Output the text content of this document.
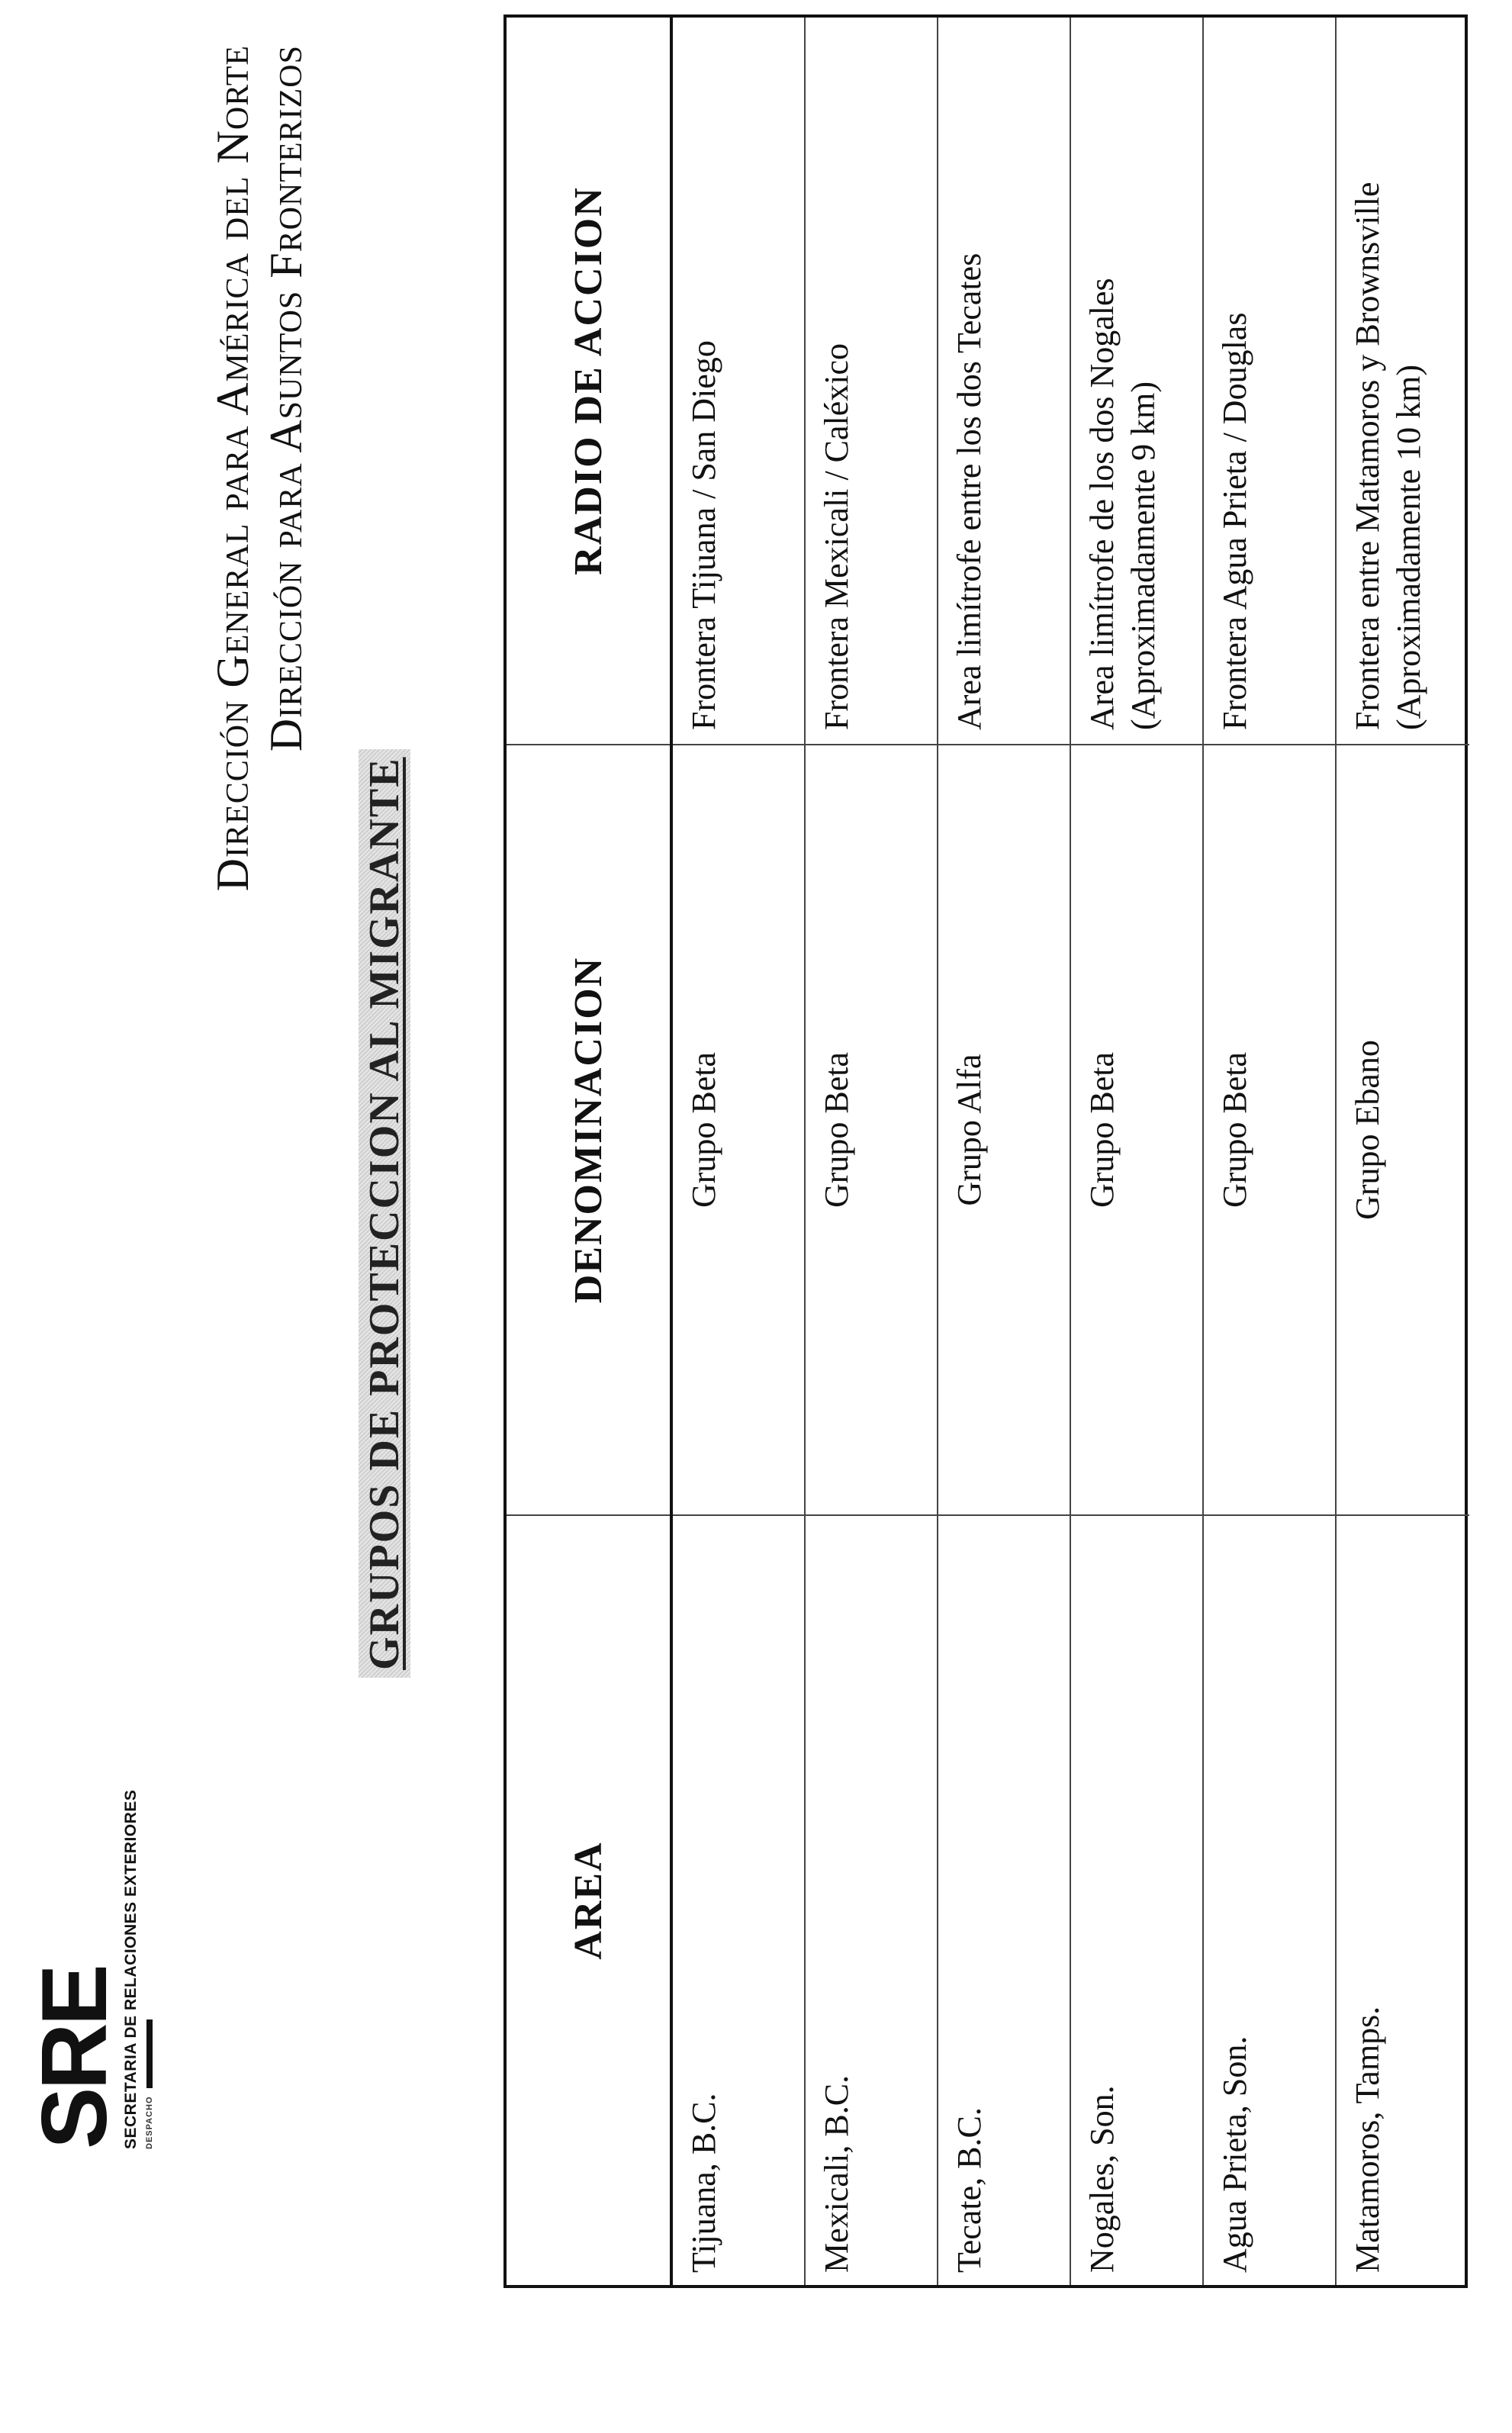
SRE
SECRETARIA DE RELACIONES EXTERIORES DESPACHO
Dirección General para América del Norte Dirección para Asuntos Fronterizos
GRUPOS DE PROTECCION AL MIGRANTE
AREA
DENOMINACION
RADIO DE ACCION
Tijuana, B.C.
Grupo Beta
Frontera Tijuana / San Diego
Mexicali, B.C.
Grupo Beta
Frontera Mexicali / Caléxico
Tecate, B.C.
Grupo Alfa
Area limítrofe entre los dos Tecates
Nogales, Son.
Grupo Beta
Area limítrofe de los dos Nogales (Aproximadamente 9 km)
Agua Prieta, Son.
Grupo Beta
Frontera Agua Prieta / Douglas
Matamoros, Tamps.
Grupo Ebano
Frontera entre Matamoros y Brownsville (Aproximadamente 10 km)
